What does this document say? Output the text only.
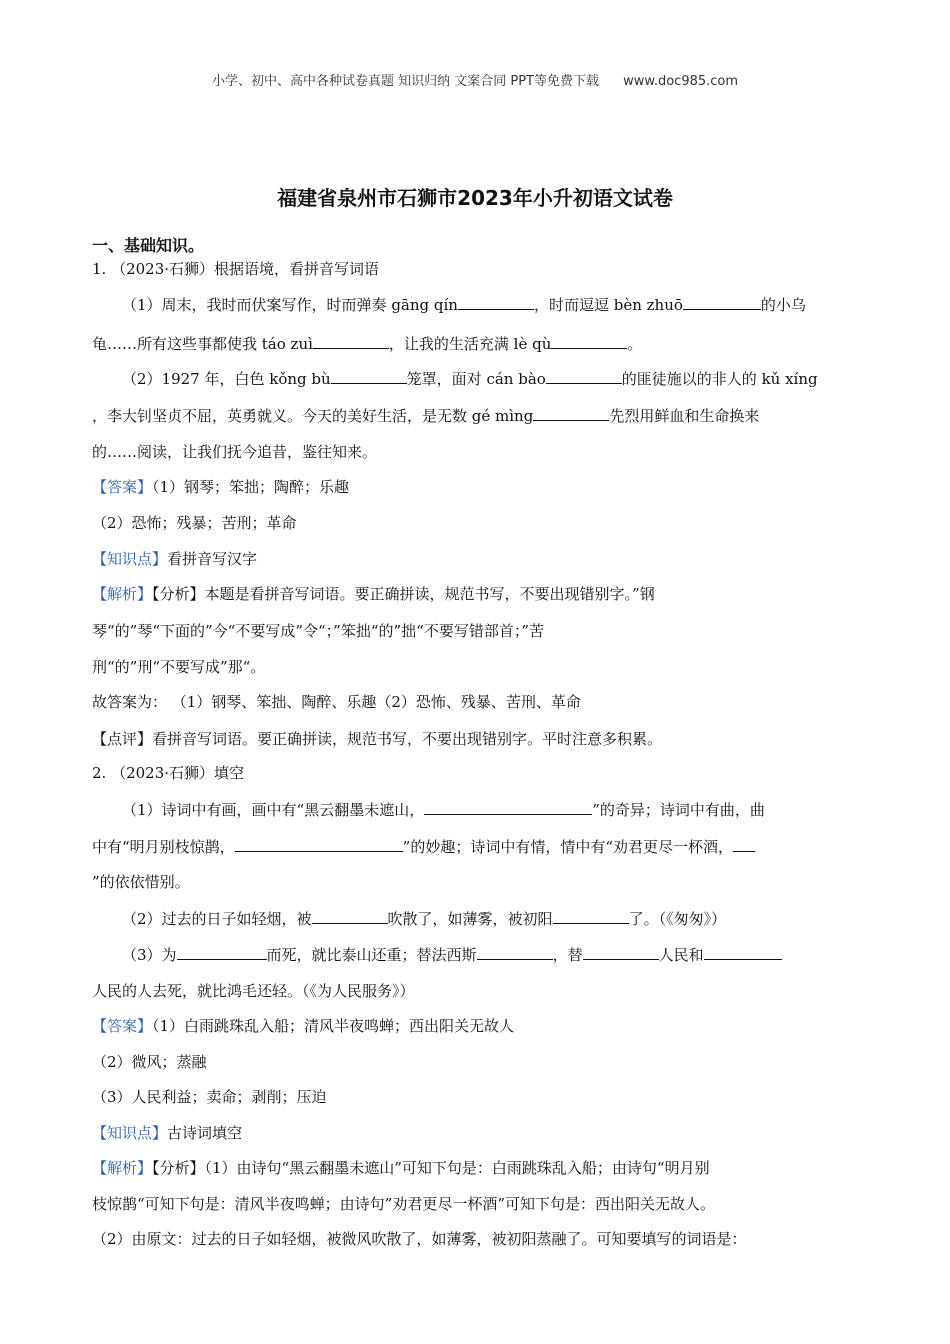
小学、初中、高中各种试卷真题 知识归纳 文案合同 PPT等免费下载 www.doc985.com
福建省泉州市石狮市2023年小升初语文试卷
一、基础知识。
1. （2023·石狮）根据语境，看拼音写词语
（1）周末，我时而伏案写作，时而弹奏 gāng qín	，时而逗逗 bèn zhuō	的小乌
龟……所有这些事都使我 táo zuì	，让我的生活充满 lè qù	。
（2）1927 年，白色 kǒng bù	笼罩，面对 cán bào	的匪徒施以的非人的 kǔ xíng
，李大钊坚贞不屈，英勇就义。今天的美好生活，是无数 gé mìng	先烈用鲜血和生命换来
的……阅读，让我们抚今追昔，鉴往知来。
【答案】（1）钢琴；笨拙；陶醉；乐趣
（2）恐怖；残暴；苦刑；革命
【知识点】看拼音写汉字
【解析】【分析】本题是看拼音写词语。要正确拼读，规范书写，不要出现错别字。”钢
琴“的”琴“下面的”今“不要写成”令“；”笨拙“的”拙“不要写错部首；”苦
刑“的”刑“不要写成”那“。
故答案为： （1）钢琴、笨拙、陶醉、乐趣（2）恐怖、残暴、苦刑、革命
【点评】看拼音写词语。要正确拼读，规范书写，不要出现错别字。平时注意多积累。
2. （2023·石狮）填空
（1）诗词中有画，画中有“黑云翻墨未遮山，	”的奇异；诗词中有曲，曲
中有“明月别枝惊鹊，	”的妙趣；诗词中有情，情中有“劝君更尽一杯酒，
”的依依惜别。
（2）过去的日子如轻烟，被	吹散了，如薄雾，被初阳	了。（《匆匆》）
（3）为	而死，就比泰山还重；替法西斯	，替	人民和
人民的人去死，就比鸿毛还轻。（《为人民服务》）
【答案】（1）白雨跳珠乱入船；清风半夜鸣蝉；西出阳关无故人
（2）微风；蒸融
（3）人民利益；卖命；剥削；压迫
【知识点】古诗词填空
【解析】【分析】（1）由诗句“黑云翻墨未遮山”可知下句是：白雨跳珠乱入船；由诗句“明月别
枝惊鹊“可知下句是：清风半夜鸣蝉；由诗句”劝君更尽一杯酒”可知下句是：西出阳关无故人。
（2）由原文：过去的日子如轻烟，被微风吹散了，如薄雾，被初阳蒸融了。可知要填写的词语是：
